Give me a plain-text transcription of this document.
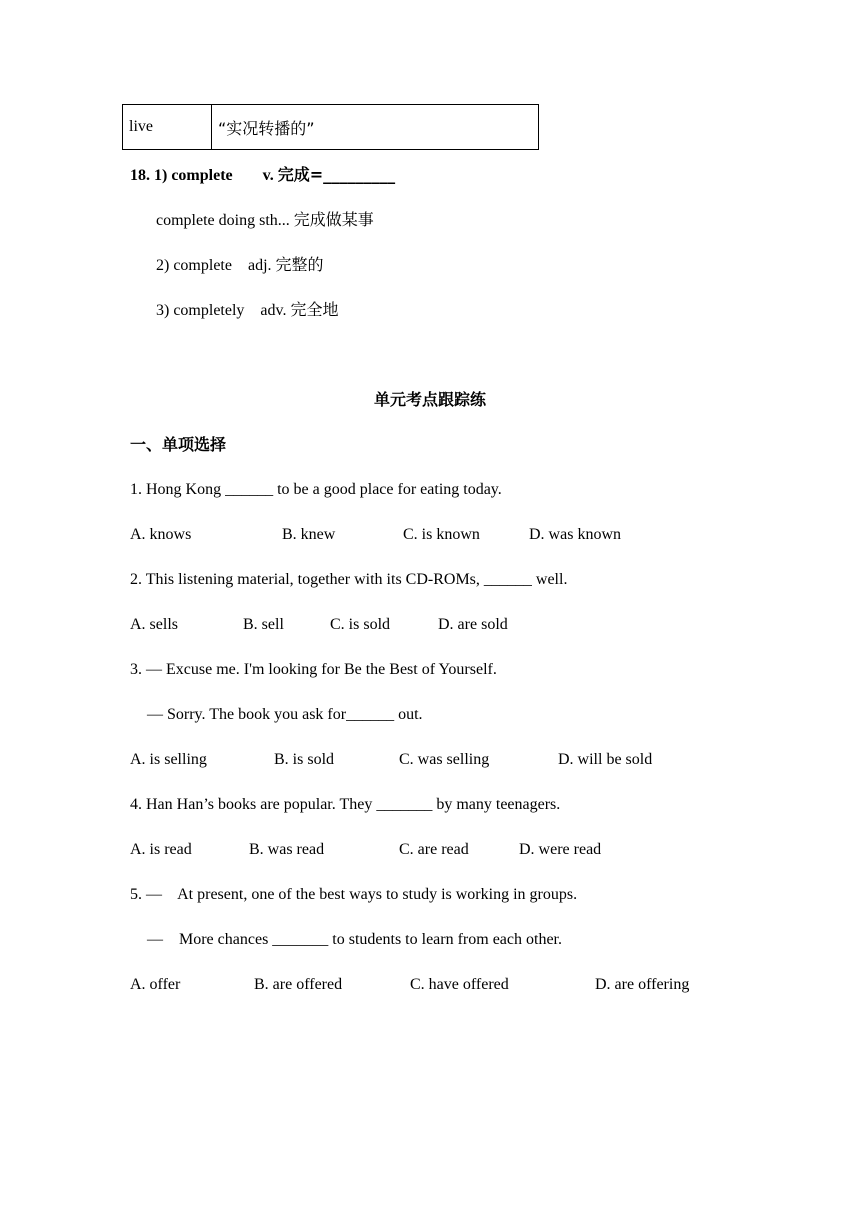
live	“实况转播的”
18. 1) complete v. 完成=_________
complete doing sth... 完成做某事
2) complete    adj. 完整的
3) completely    adv. 完全地
单元考点跟踪练
一、单项选择
1. Hong Kong ______ to be a good place for eating today.
A. knows	B. knew	C. is known	D. was known
2. This listening material, together with its CD-ROMs, ______ well.
A. sells	B. sell	C. is sold	D. are sold
3. — Excuse me. I'm looking for Be the Best of Yourself.
— Sorry. The book you ask for______ out.
A. is selling	B. is sold	C. was selling	D. will be sold
4. Han Han’s books are popular. They _______ by many teenagers.
A. is read	B. was read	C. are read	D. were read
5. —    At present, one of the best ways to study is working in groups.
—    More chances _______ to students to learn from each other.
A. offer	B. are offered	C. have offered	D. are offering
